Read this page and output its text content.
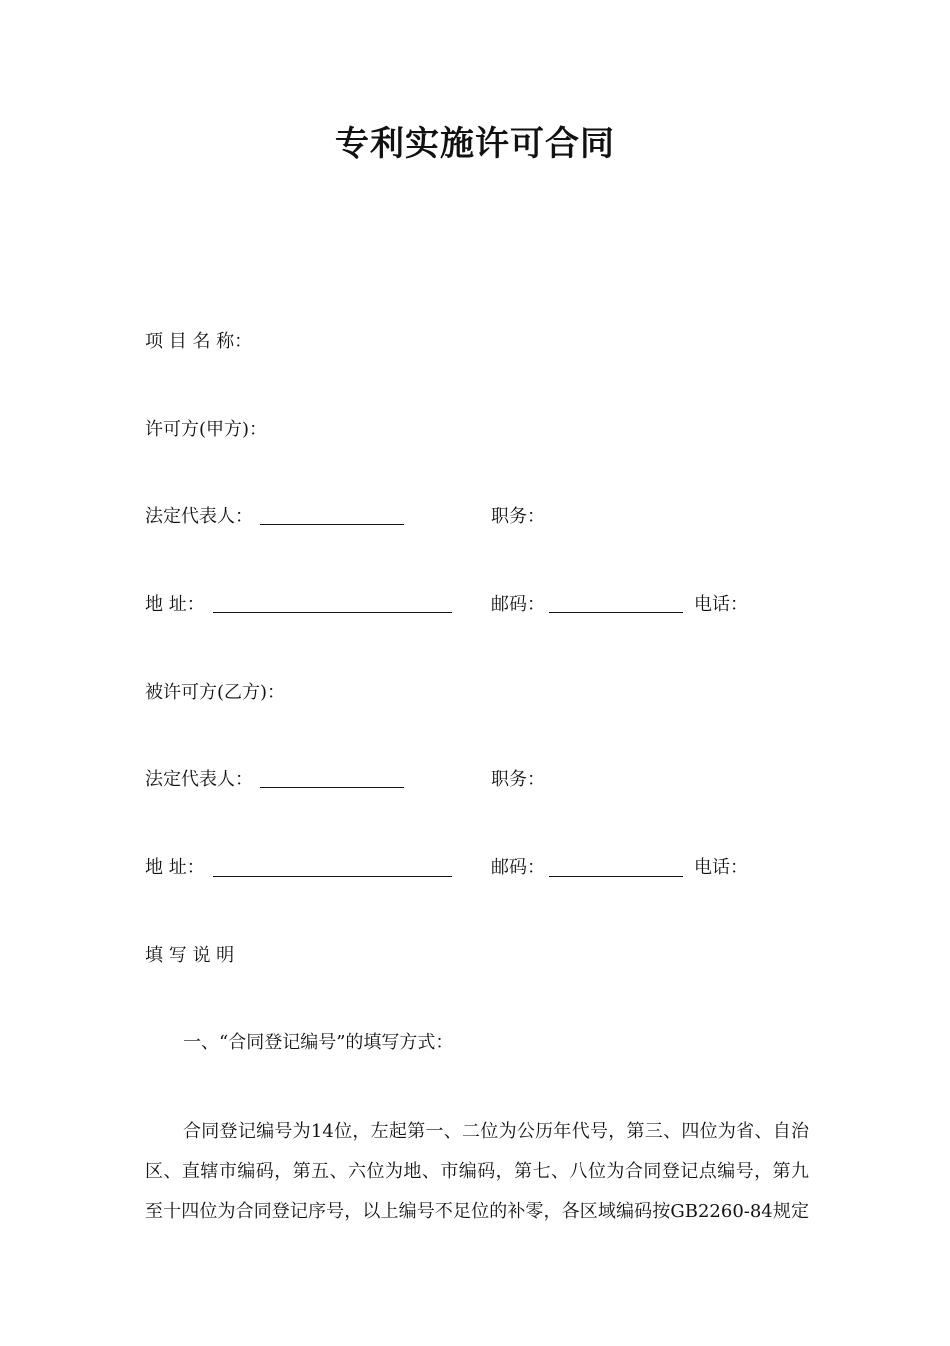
专利实施许可合同
项 目 名 称：
许可方(甲方)：
法定代表人：	职务：
地 址：	邮码：	电话：
被许可方(乙方)：
法定代表人：	职务：
地 址：	邮码：	电话：
填 写 说 明
一、“合同登记编号”的填写方式：
合同登记编号为14位，左起第一、二位为公历年代号，第三、四位为省、自治区、直辖市编码，第五、六位为地、市编码，第七、八位为合同登记点编号，第九至十四位为合同登记序号，以上编号不足位的补零，各区域编码按GB2260-84规定
